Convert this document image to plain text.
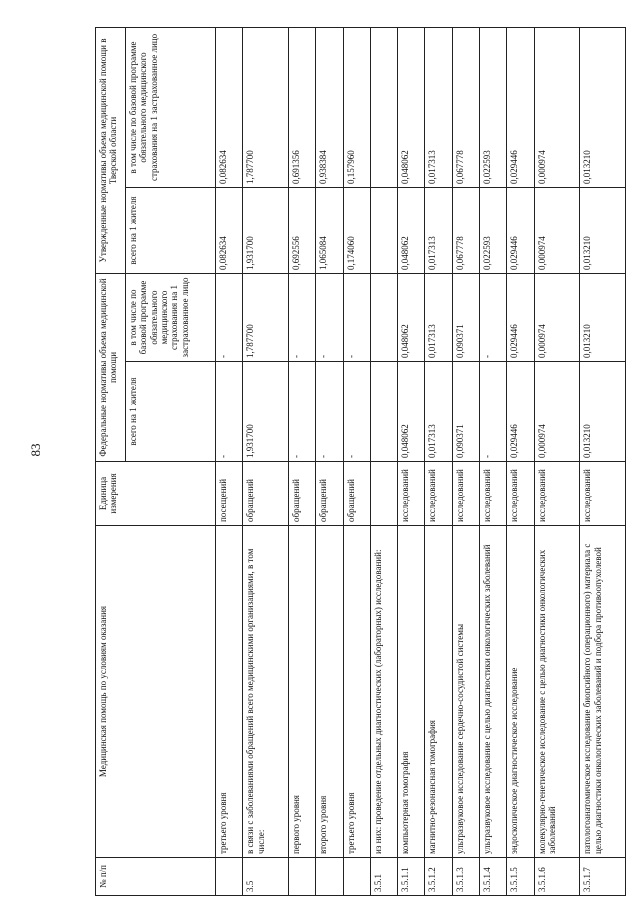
83
№ п/п	Медицинская помощь по условиям оказания	Единица измерения	Федеральные нормативы объема медицинской помощи		Утвержденные нормативы объема медицинской помощи в Тверской области	
			всего на 1 жителя	в том числе по базовой программе обязательного медицинского страхования на 1 застрахованное лицо	всего на 1 жителя	в том числе по базовой программе обязательного медицинского страхования на 1 застрахованное лицо
	третьего уровня	посещений	-	-	0,082634	0,082634
3.5	в связи с заболеваниями обращений всего медицинскими организациями, в том числе:	обращений	1,931700	1,787700	1,931700	1,787700
	первого уровня	обращений	-	-	0,692556	0,691356
	второго уровня	обращений	-	-	1,065084	0,938384
	третьего уровня	обращений	-	-	0,174060	0,157960
3.5.1	из них: проведение отдельных диагностических (лабораторных) исследований:					
3.5.1.1	компьютерная томография	исследований	0,048062	0,048062	0,048062	0,048062
3.5.1.2	магнитно-резонансная томография	исследований	0,017313	0,017313	0,017313	0,017313
3.5.1.3	ультразвуковое исследование сердечно-сосудистой системы	исследований	0,090371	0,090371	0,067778	0,067778
3.5.1.4	ультразвуковое исследование с целью диагностики онкологических заболеваний	исследований	-	-	0,022593	0,022593
3.5.1.5	эндоскопическое диагностическое исследование	исследований	0,029446	0,029446	0,029446	0,029446
3.5.1.6	молекулярно-генетическое исследование с целью диагностики онкологических заболеваний	исследований	0,000974	0,000974	0,000974	0,000974
3.5.1.7	патологоанатомическое исследование биопсийного (операционного) материала с целью диагностики онкологических заболеваний и подбора противоопухолевой	исследований	0,013210	0,013210	0,013210	0,013210
